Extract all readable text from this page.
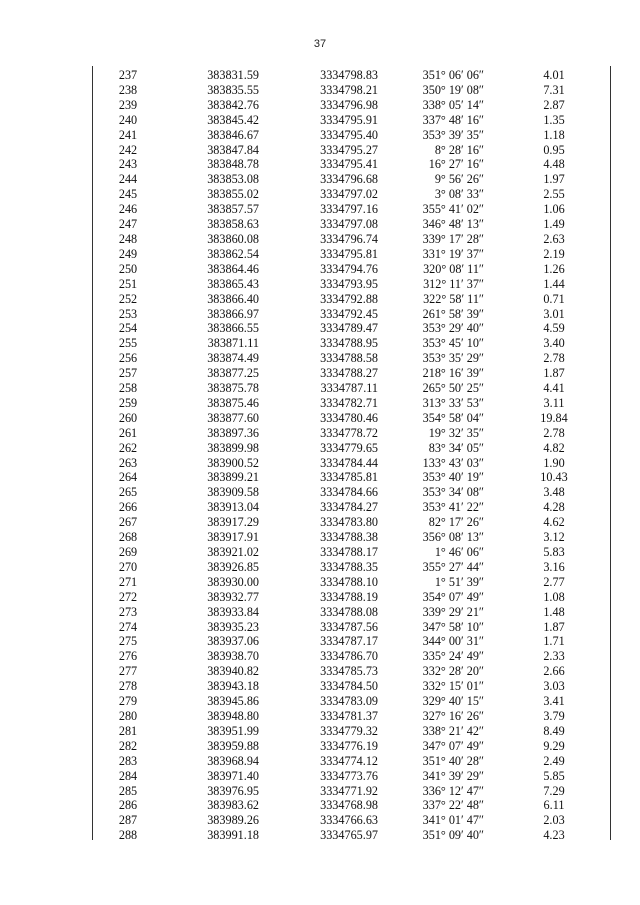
37
237	383831.59	3334798.83	351° 06′ 06″	4.01
238	383835.55	3334798.21	350° 19′ 08″	7.31
239	383842.76	3334796.98	338° 05′ 14″	2.87
240	383845.42	3334795.91	337° 48′ 16″	1.35
241	383846.67	3334795.40	353° 39′ 35″	1.18
242	383847.84	3334795.27	8° 28′ 16″	0.95
243	383848.78	3334795.41	16° 27′ 16″	4.48
244	383853.08	3334796.68	9° 56′ 26″	1.97
245	383855.02	3334797.02	3° 08′ 33″	2.55
246	383857.57	3334797.16	355° 41′ 02″	1.06
247	383858.63	3334797.08	346° 48′ 13″	1.49
248	383860.08	3334796.74	339° 17′ 28″	2.63
249	383862.54	3334795.81	331° 19′ 37″	2.19
250	383864.46	3334794.76	320° 08′ 11″	1.26
251	383865.43	3334793.95	312° 11′ 37″	1.44
252	383866.40	3334792.88	322° 58′ 11″	0.71
253	383866.97	3334792.45	261° 58′ 39″	3.01
254	383866.55	3334789.47	353° 29′ 40″	4.59
255	383871.11	3334788.95	353° 45′ 10″	3.40
256	383874.49	3334788.58	353° 35′ 29″	2.78
257	383877.25	3334788.27	218° 16′ 39″	1.87
258	383875.78	3334787.11	265° 50′ 25″	4.41
259	383875.46	3334782.71	313° 33′ 53″	3.11
260	383877.60	3334780.46	354° 58′ 04″	19.84
261	383897.36	3334778.72	19° 32′ 35″	2.78
262	383899.98	3334779.65	83° 34′ 05″	4.82
263	383900.52	3334784.44	133° 43′ 03″	1.90
264	383899.21	3334785.81	353° 40′ 19″	10.43
265	383909.58	3334784.66	353° 34′ 08″	3.48
266	383913.04	3334784.27	353° 41′ 22″	4.28
267	383917.29	3334783.80	82° 17′ 26″	4.62
268	383917.91	3334788.38	356° 08′ 13″	3.12
269	383921.02	3334788.17	1° 46′ 06″	5.83
270	383926.85	3334788.35	355° 27′ 44″	3.16
271	383930.00	3334788.10	1° 51′ 39″	2.77
272	383932.77	3334788.19	354° 07′ 49″	1.08
273	383933.84	3334788.08	339° 29′ 21″	1.48
274	383935.23	3334787.56	347° 58′ 10″	1.87
275	383937.06	3334787.17	344° 00′ 31″	1.71
276	383938.70	3334786.70	335° 24′ 49″	2.33
277	383940.82	3334785.73	332° 28′ 20″	2.66
278	383943.18	3334784.50	332° 15′ 01″	3.03
279	383945.86	3334783.09	329° 40′ 15″	3.41
280	383948.80	3334781.37	327° 16′ 26″	3.79
281	383951.99	3334779.32	338° 21′ 42″	8.49
282	383959.88	3334776.19	347° 07′ 49″	9.29
283	383968.94	3334774.12	351° 40′ 28″	2.49
284	383971.40	3334773.76	341° 39′ 29″	5.85
285	383976.95	3334771.92	336° 12′ 47″	7.29
286	383983.62	3334768.98	337° 22′ 48″	6.11
287	383989.26	3334766.63	341° 01′ 47″	2.03
288	383991.18	3334765.97	351° 09′ 40″	4.23
